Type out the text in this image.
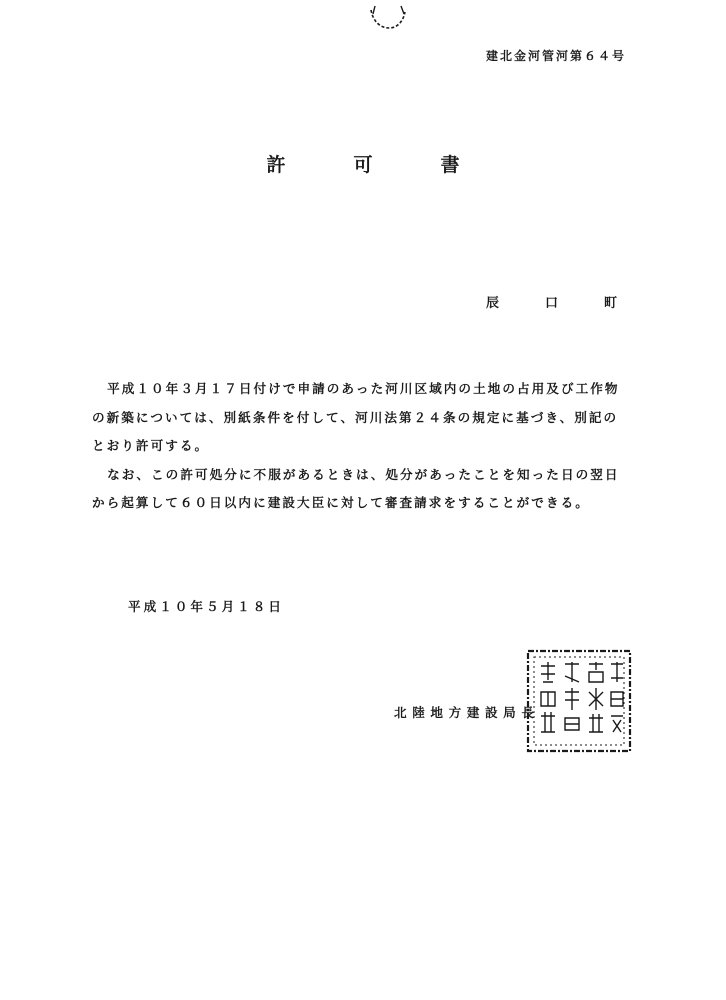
建北金河管河第６４号
許	可	書
辰	口	町

平成１０年３月１７日付けで申請のあった河川区域内の土地の占用及び工作物の新築については、別紙条件を付して、河川法第２４条の規定に基づき、別記のとおり許可する。

なお、この許可処分に不服があるときは、処分があったことを知った日の翌日から起算して６０日以内に建設大臣に対して審査請求をすることができる。

平成１０年５月１８日
北陸地方建設局長
